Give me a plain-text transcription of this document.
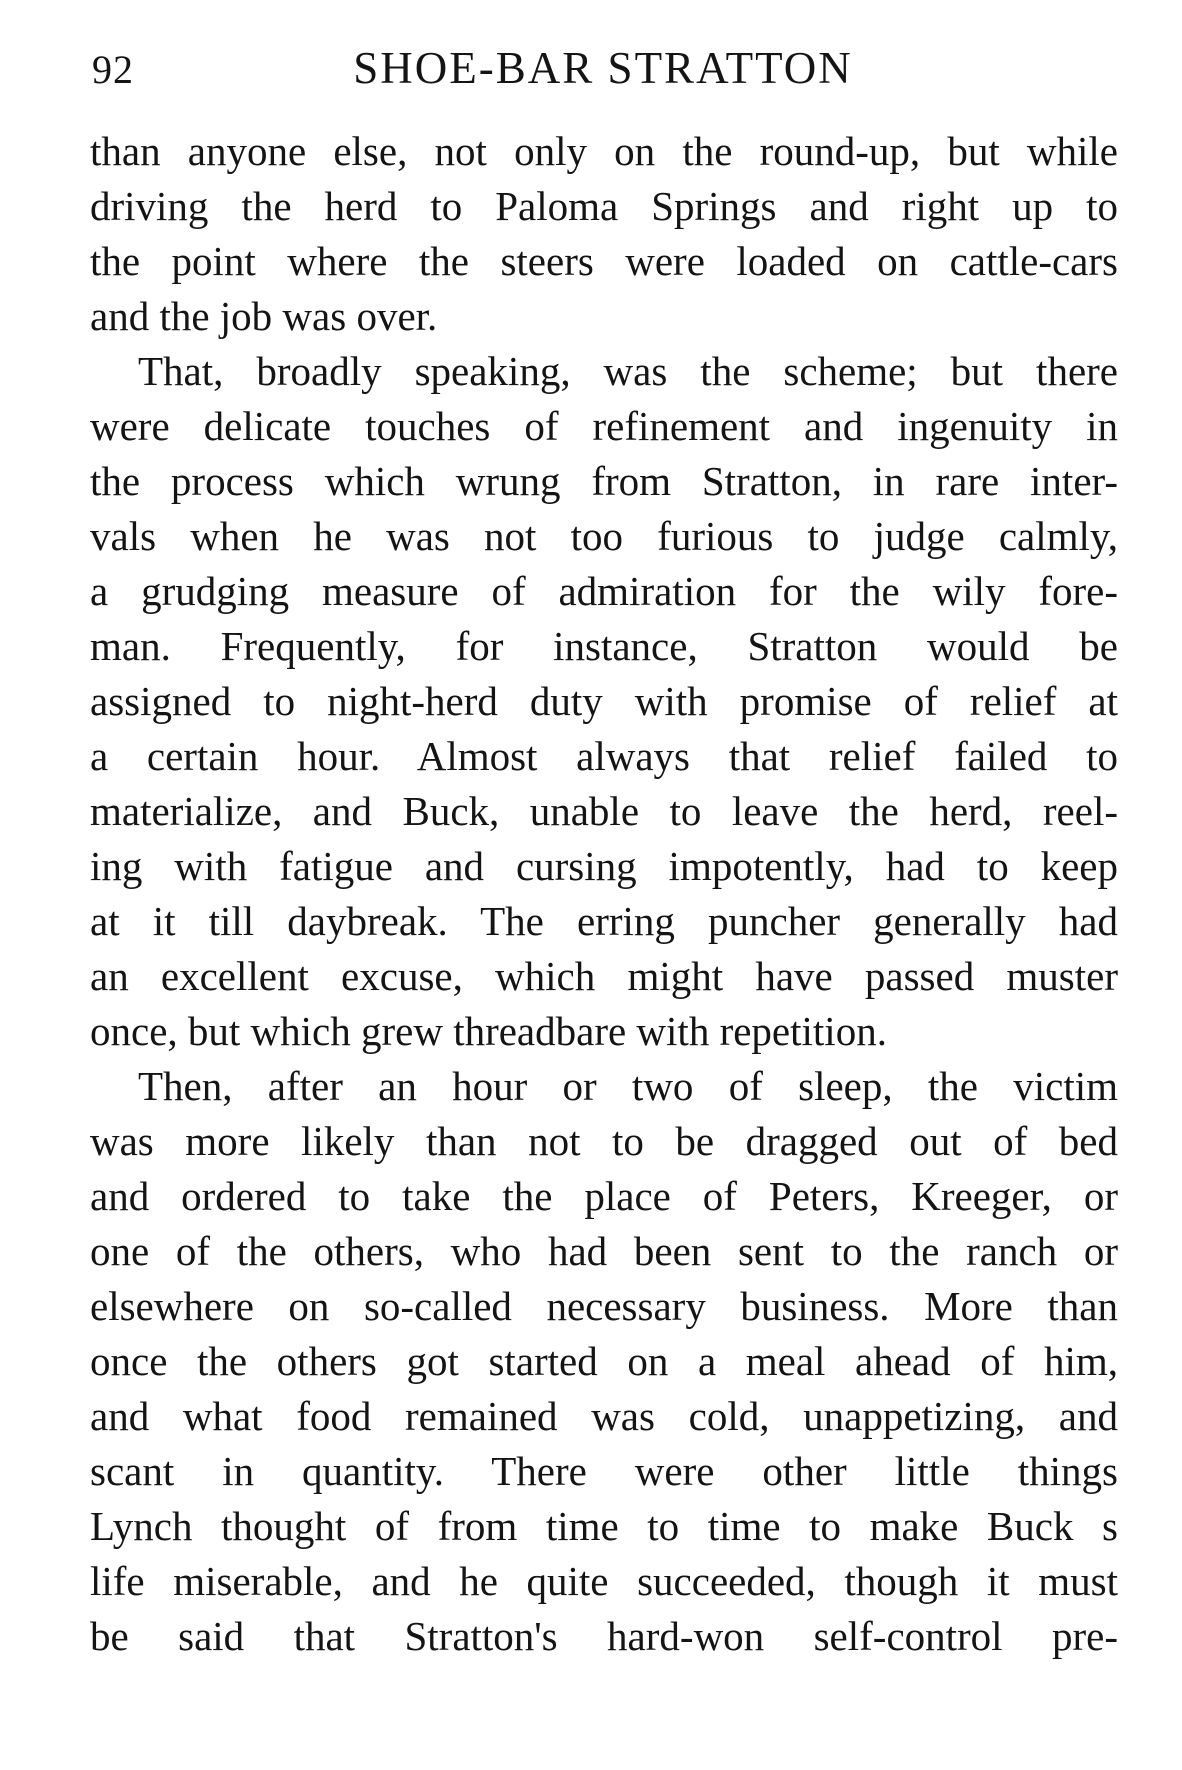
92	SHOE-BAR STRATTON
than anyone else, not only on the round-up, but while
driving the herd to Paloma Springs and right up to
the point where the steers were loaded on cattle-cars
and the job was over.
That, broadly speaking, was the scheme; but there
were delicate touches of refinement and ingenuity in
the process which wrung from Stratton, in rare inter-
vals when he was not too furious to judge calmly,
a grudging measure of admiration for the wily fore-
man. Frequently, for instance, Stratton would be
assigned to night-herd duty with promise of relief at
a certain hour. Almost always that relief failed to
materialize, and Buck, unable to leave the herd, reel-
ing with fatigue and cursing impotently, had to keep
at it till daybreak. The erring puncher generally had
an excellent excuse, which might have passed muster
once, but which grew threadbare with repetition.
Then, after an hour or two of sleep, the victim
was more likely than not to be dragged out of bed
and ordered to take the place of Peters, Kreeger, or
one of the others, who had been sent to the ranch or
elsewhere on so-called necessary business. More than
once the others got started on a meal ahead of him,
and what food remained was cold, unappetizing, and
scant in quantity. There were other little things
Lynch thought of from time to time to make Buck s
life miserable, and he quite succeeded, though it must
be said that Stratton's hard-won self-control pre-
